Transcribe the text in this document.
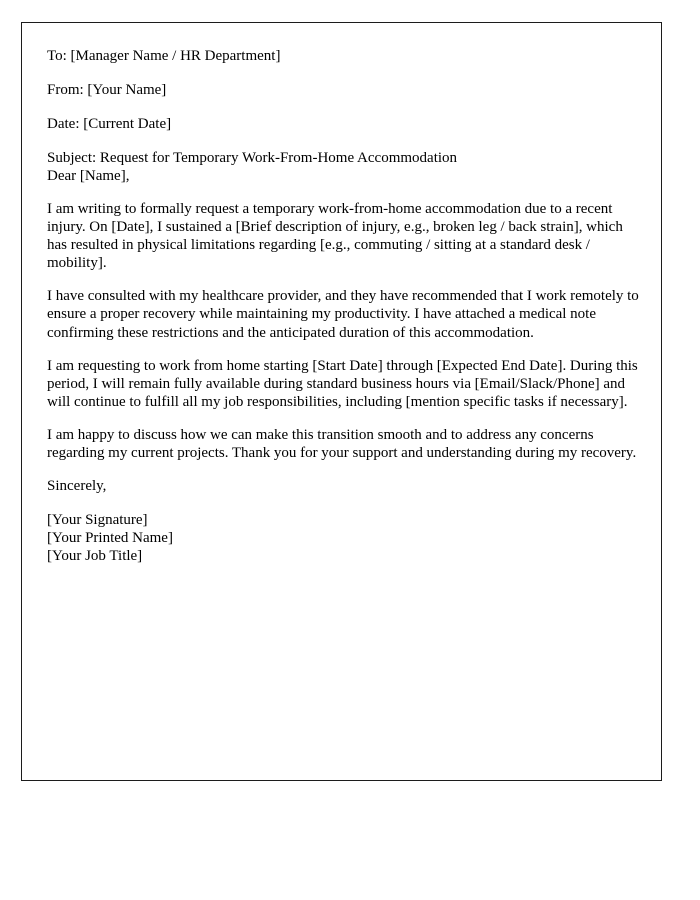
To: [Manager Name / HR Department]

From: [Your Name]

Date: [Current Date]

Subject: Request for Temporary Work-From-Home Accommodation

Dear [Name],

I am writing to formally request a temporary work-from-home accommodation due to a recent injury. On [Date], I sustained a [Brief description of injury, e.g., broken leg / back strain], which has resulted in physical limitations regarding [e.g., commuting / sitting at a standard desk / mobility].

I have consulted with my healthcare provider, and they have recommended that I work remotely to ensure a proper recovery while maintaining my productivity. I have attached a medical note confirming these restrictions and the anticipated duration of this accommodation.

I am requesting to work from home starting [Start Date] through [Expected End Date]. During this period, I will remain fully available during standard business hours via [Email/Slack/Phone] and will continue to fulfill all my job responsibilities, including [mention specific tasks if necessary].

I am happy to discuss how we can make this transition smooth and to address any concerns regarding my current projects. Thank you for your support and understanding during my recovery.

Sincerely,

[Your Signature]

[Your Printed Name]

[Your Job Title]
